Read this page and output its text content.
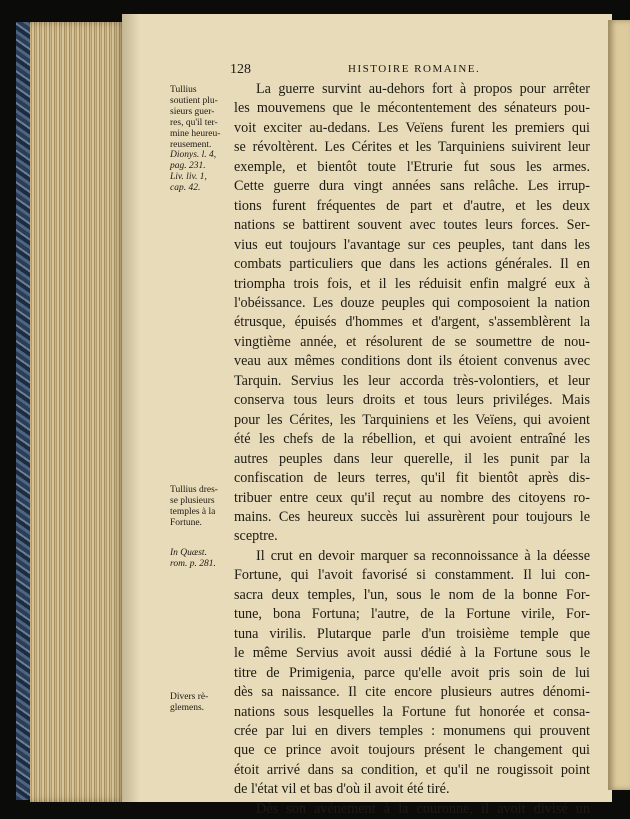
128	HISTOIRE ROMAINE.
Tullius
soutient plu-
sieurs guer-
res, qu'il ter-
mine heureu-
reusement.
Dionys. l. 4,
pag. 231.
Liv. liv. 1,
cap. 42.
Tullius dres-
se plusieurs
temples à la
Fortune.
In Quæst.
rom. p. 281.
Divers rè-
glemens.
La guerre survint au-dehors fort à propos pour arrêter
les mouvemens que le mécontentement des sénateurs pou-
voit exciter au-dedans. Les Veïens furent les premiers qui
se révoltèrent. Les Cérites et les Tarquiniens suivirent leur
exemple, et bientôt toute l'Etrurie fut sous les armes.
Cette guerre dura vingt années sans relâche. Les irrup-
tions furent fréquentes de part et d'autre, et les deux
nations se battirent souvent avec toutes leurs forces. Ser-
vius eut toujours l'avantage sur ces peuples, tant dans les
combats particuliers que dans les actions générales. Il en
triompha trois fois, et il les réduisit enfin malgré eux à
l'obéissance. Les douze peuples qui composoient la nation
étrusque, épuisés d'hommes et d'argent, s'assemblèrent la
vingtième année, et résolurent de se soumettre de nou-
veau aux mêmes conditions dont ils étoient convenus avec
Tarquin. Servius les leur accorda très-volontiers, et leur
conserva tous leurs droits et tous leurs priviléges. Mais
pour les Cérites, les Tarquiniens et les Veïens, qui avoient
été les chefs de la rébellion, et qui avoient entraîné les
autres peuples dans leur querelle, il les punit par la
confiscation de leurs terres, qu'il fit bientôt après dis-
tribuer entre ceux qu'il reçut au nombre des citoyens ro-
mains. Ces heureux succès lui assurèrent pour toujours le
sceptre.
Il crut en devoir marquer sa reconnoissance à la déesse
Fortune, qui l'avoit favorisé si constamment. Il lui con-
sacra deux temples, l'un, sous le nom de la bonne For-
tune, bona Fortuna; l'autre, de la Fortune virile, For-
tuna virilis. Plutarque parle d'un troisième temple que
le même Servius avoit aussi dédié à la Fortune sous le
titre de Primigenia, parce qu'elle avoit pris soin de lui
dès sa naissance. Il cite encore plusieurs autres dénomi-
nations sous lesquelles la Fortune fut honorée et consa-
crée par lui en divers temples : monumens qui prouvent
que ce prince avoit toujours présent le changement qui
étoit arrivé dans sa condition, et qu'il ne rougissoit point
de l'état vil et bas d'où il avoit été tiré.
Dès son avénement à la couronne, il avoit divisé un
